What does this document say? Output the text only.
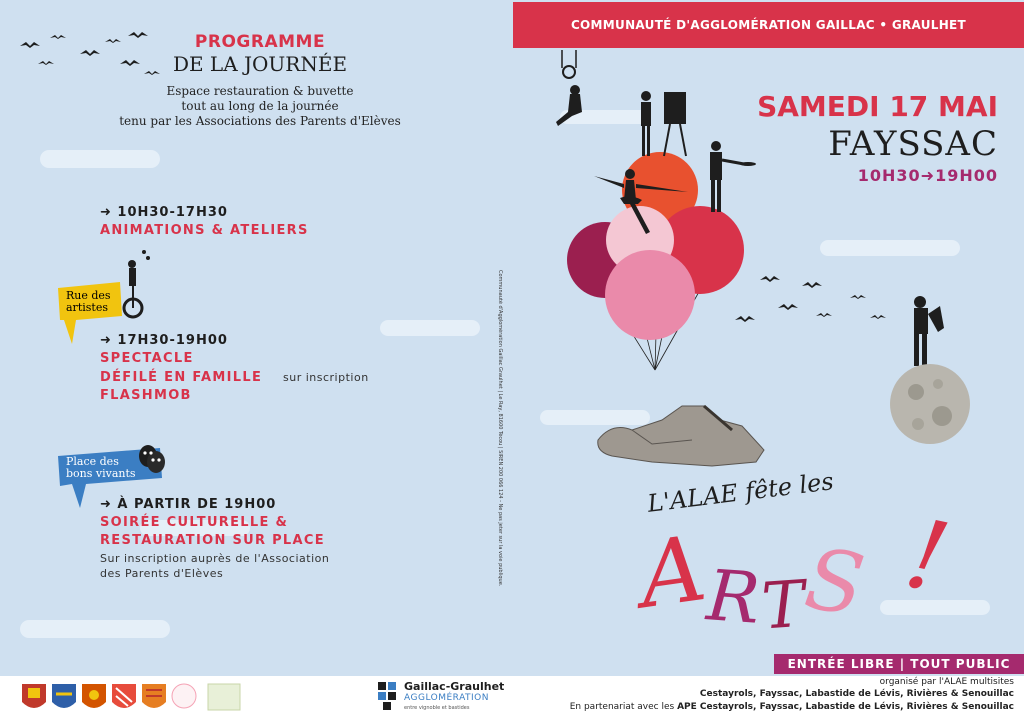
PROGRAMME
DE LA JOURNÉE
Espace restauration & buvette
tout au long de la journée
tenu par les Associations des Parents d'Elèves
➜ 10H30-17H30
ANIMATIONS & ATELIERS
Rue des
artistes
➜ 17H30-19H00
SPECTACLE
DÉFILÉ EN FAMILLE sur inscription
FLASHMOB
Place des
bons vivants
➜ À PARTIR DE 19H00
SOIRÉE CULTURELLE &
RESTAURATION SUR PLACE
Sur inscription auprès de l'Association
des Parents d'Elèves	Communauté d'Agglomération Gaillac Graulhet | Le Ray, 81600 Técou | SIREN 200 066 124 - Ne pas jeter sur la voie publique.
COMMUNAUTÉ D'AGGLOMÉRATION GAILLAC • GRAULHET
SAMEDI 17 MAI
FAYSSAC
10H30➜19H00
L'ALAE fête les
ARTS !
ENTRÉE LIBRE | TOUT PUBLIC
Gaillac-Graulhet
AGGLOMÉRATION
entre vignoble et bastides
organisé par l'ALAE multisites
Cestayrols, Fayssac, Labastide de Lévis, Rivières & Senouillac
En partenariat avec les APE Cestayrols, Fayssac, Labastide de Lévis, Rivières & Senouillac
